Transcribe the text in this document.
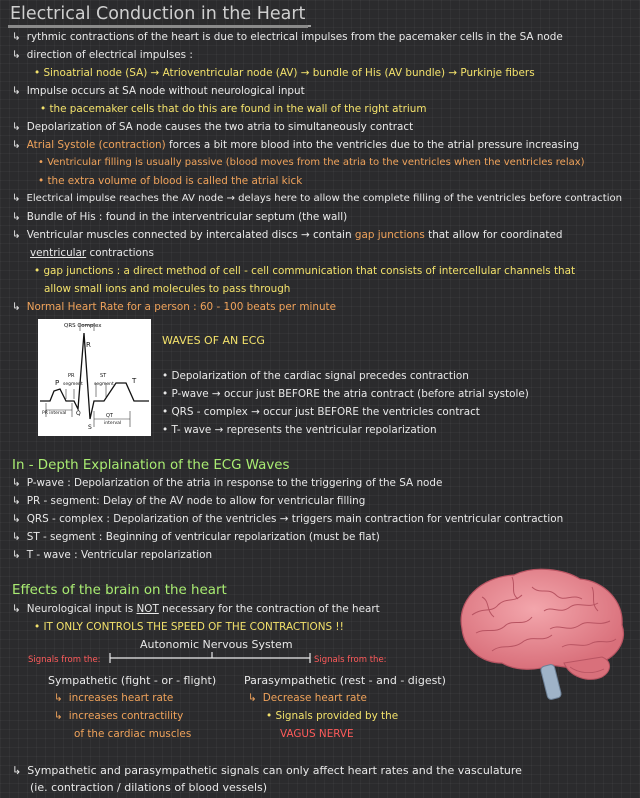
Electrical Conduction in the Heart
↳ rythmic contractions of the heart is due to electrical impulses from the pacemaker cells in the SA node
↳ direction of electrical impulses :
• Sinoatrial node (SA) → Atrioventricular node (AV) → bundle of His (AV bundle) → Purkinje fibers
↳ Impulse occurs at SA node without neurological input
• the pacemaker cells that do this are found in the wall of the right atrium
↳ Depolarization of SA node causes the two atria to simultaneously contract
↳ Atrial Systole (contraction) forces a bit more blood into the ventricles due to the atrial pressure increasing
• Ventricular filling is usually passive (blood moves from the atria to the ventricles when the ventricles relax)
• the extra volume of blood is called the atrial kick
↳ Electrical impulse reaches the AV node → delays here to allow the complete filling of the ventricles before contraction
↳ Bundle of His : found in the interventricular septum (the wall)
↳ Ventricular muscles connected by intercalated discs → contain gap junctions that allow for coordinated
ventricular contractions
• gap junctions : a direct method of cell - cell communication that consists of intercellular channels that
allow small ions and molecules to pass through
↳ Normal Heart Rate for a person : 60 - 100 beats per minute
QRS Complex
R
P segment
PR	ST
segment	T
PR interval Q
S
QT
interval
WAVES OF AN ECG
• Depolarization of the cardiac signal precedes contraction
• P-wave → occur just BEFORE the atria contract (before atrial systole)
• QRS - complex → occur just BEFORE the ventricles contract
• T- wave → represents the ventricular repolarization
In - Depth Explaination of the ECG Waves
↳ P-wave : Depolarization of the atria in response to the triggering of the SA node
↳ PR - segment: Delay of the AV node to allow for ventricular filling
↳ QRS - complex : Depolarization of the ventricles → triggers main contraction for ventricular contraction
↳ ST - segment : Beginning of ventricular repolarization (must be flat)
↳ T - wave : Ventricular repolarization
Effects of the brain on the heart
↳ Neurological input is NOT necessary for the contraction of the heart
• IT ONLY CONTROLS THE SPEED OF THE CONTRACTIONS !!
Autonomic Nervous System
Signals from the:	Signals from the:
Sympathetic (fight - or - flight)
↳ increases heart rate
↳ increases contractility
of the cardiac muscles
Parasympathetic (rest - and - digest)
↳ Decrease heart rate
• Signals provided by the
VAGUS NERVE
↳ Sympathetic and parasympathetic signals can only affect heart rates and the vasculature
(ie. contraction / dilations of blood vessels)
